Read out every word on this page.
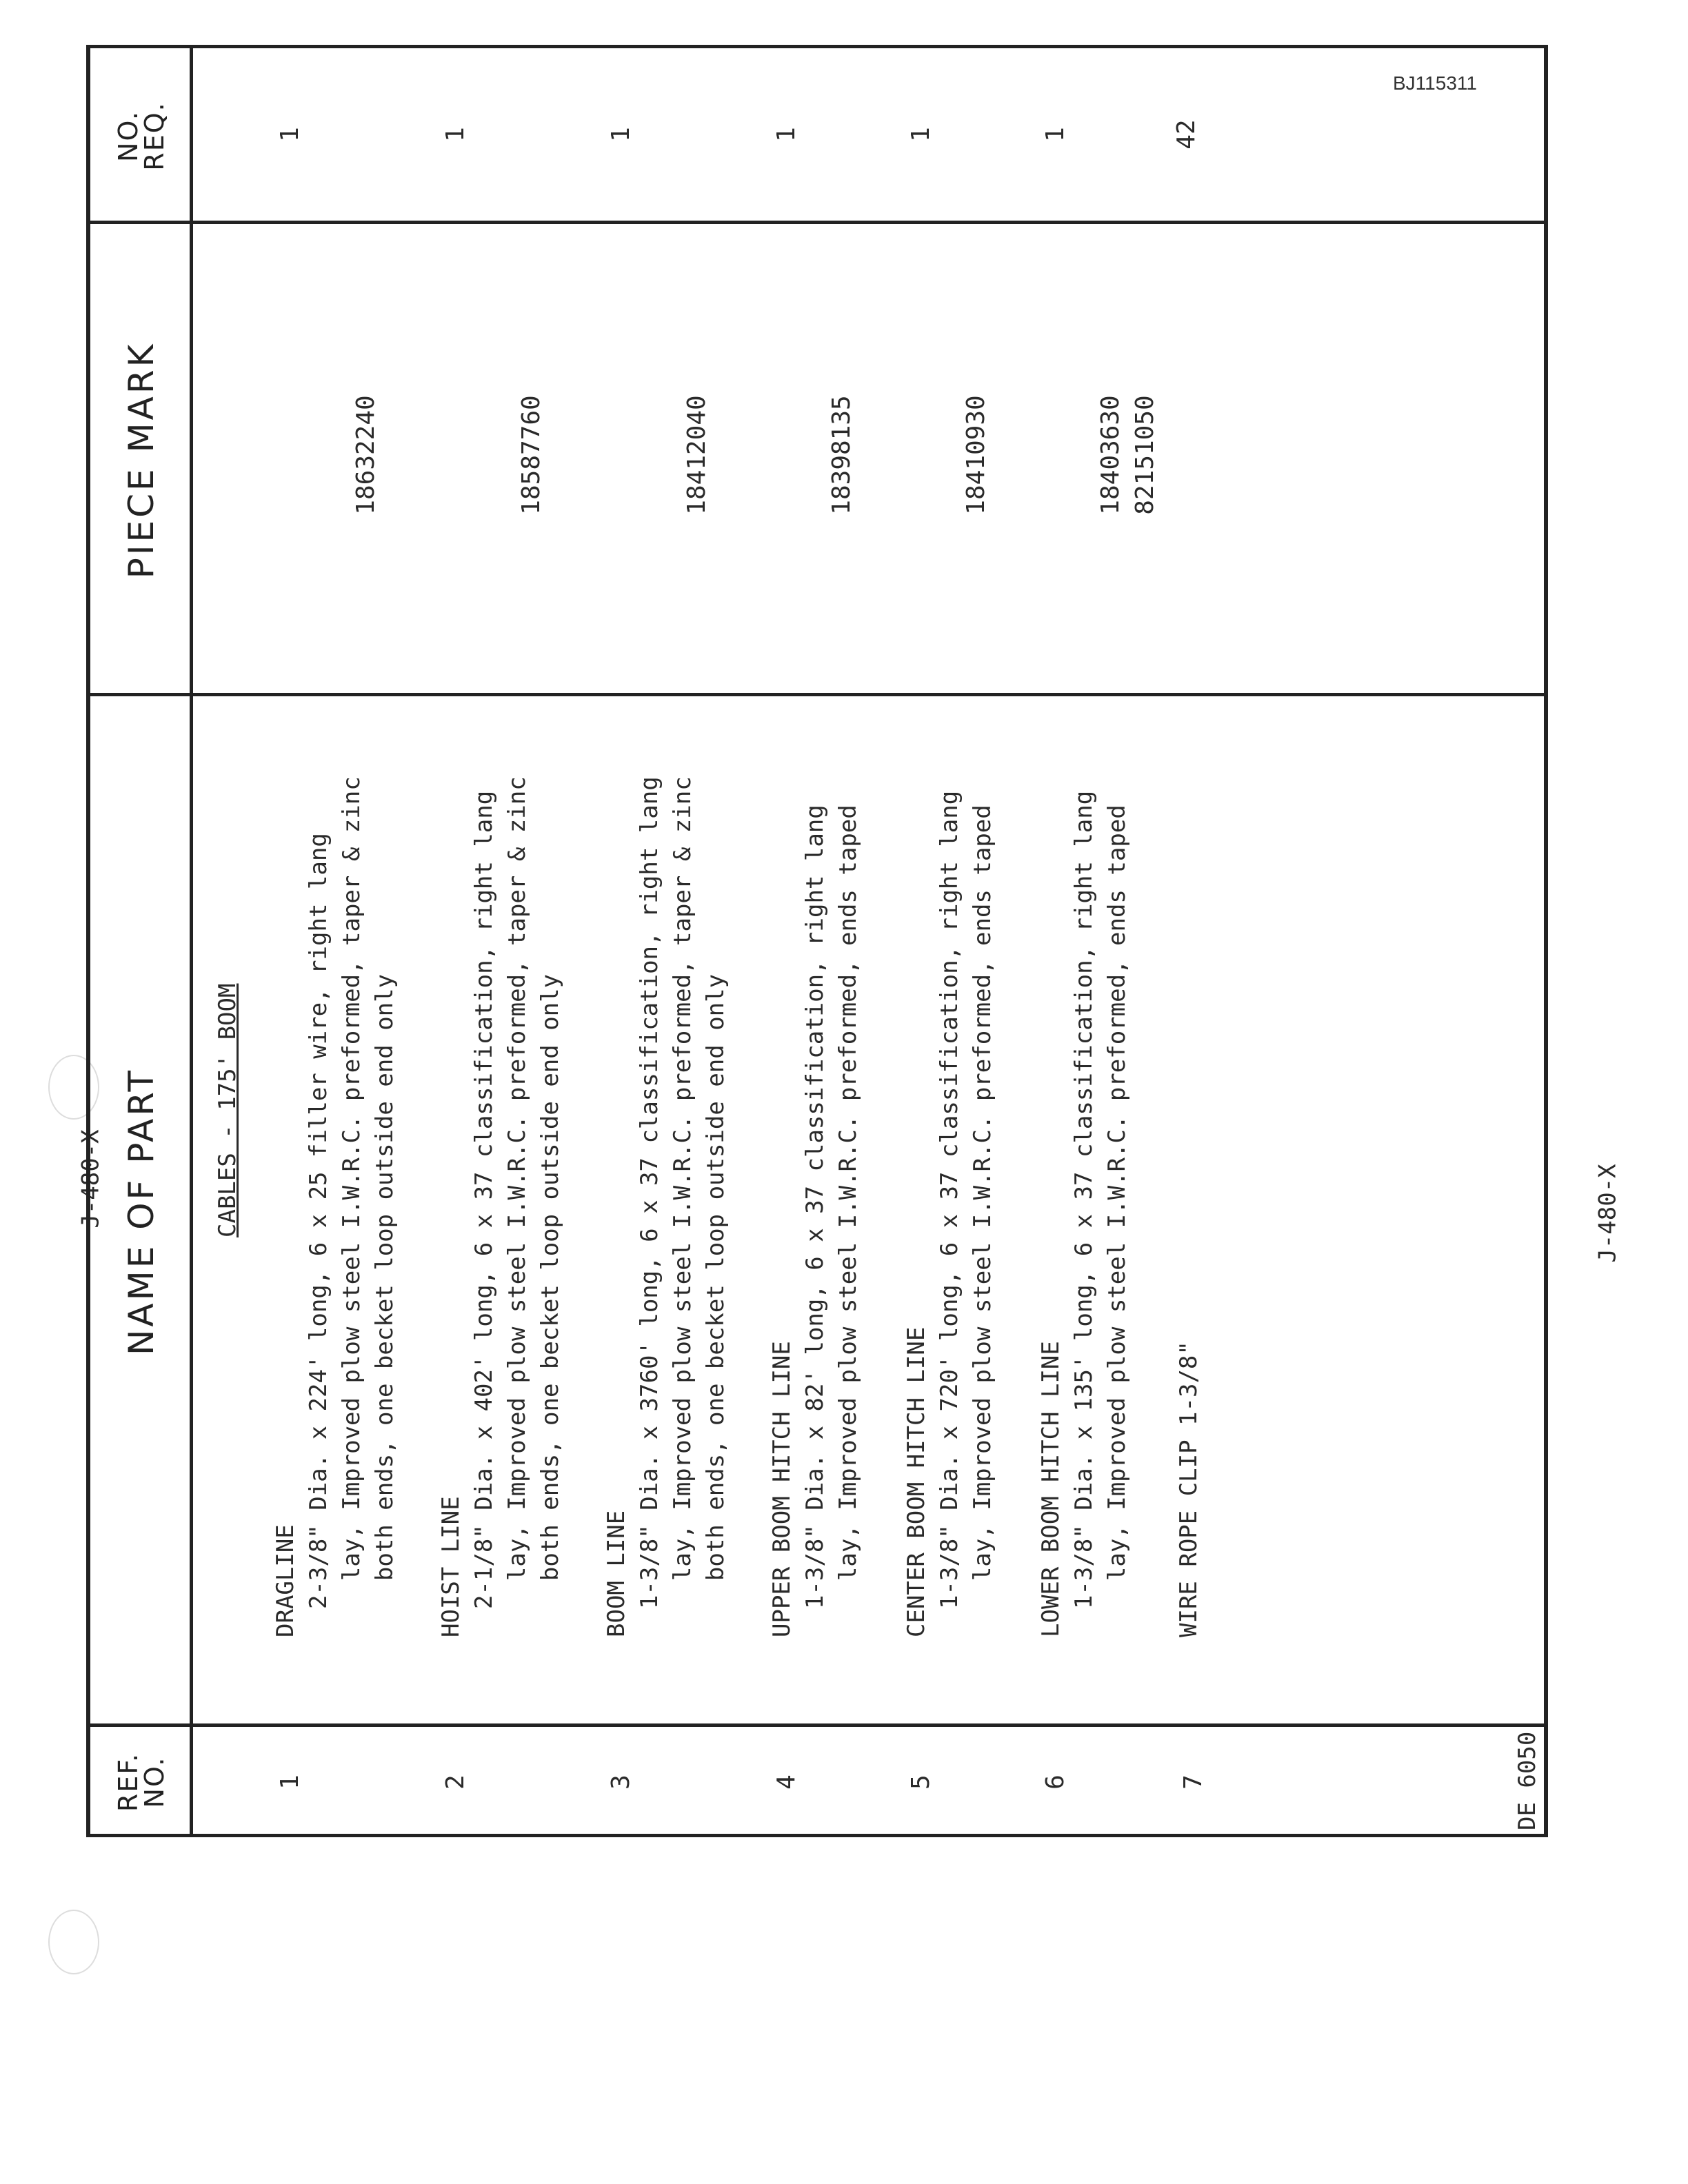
BJ115311
J-480-X	J-480-X
REF.
NO.
NAME OF PART
PIECE MARK
NO.
REQ.
CABLES - 175' BOOM
1
DRAGLINE 2-3/8" Dia. x 224' long, 6 x 25 filler wire, right lang lay, Improved plow steel I.W.R.C. preformed, taper & zinc both ends, one becket loop outside end only
18632240
1
2
HOIST LINE 2-1/8" Dia. x 402' long, 6 x 37 classification, right lang lay, Improved plow steel I.W.R.C. preformed, taper & zinc both ends, one becket loop outside end only
18587760
1
3
BOOM LINE 1-3/8" Dia. x 3760' long, 6 x 37 classification, right lang lay, Improved plow steel I.W.R.C. preformed, taper & zinc both ends, one becket loop outside end only
18412040
1
4
UPPER BOOM HITCH LINE 1-3/8" Dia. x 82' long, 6 x 37 classification, right lang lay, Improved plow steel I.W.R.C. preformed, ends taped
18398135
1
5
CENTER BOOM HITCH LINE 1-3/8" Dia. x 720' long, 6 x 37 classification, right lang lay, Improved plow steel I.W.R.C. preformed, ends taped
18410930
1
6
LOWER BOOM HITCH LINE 1-3/8" Dia. x 135' long, 6 x 37 classification, right lang lay, Improved plow steel I.W.R.C. preformed, ends taped
18403630
1
7
WIRE ROPE CLIP 1-3/8"
82151050
42
DE 6050
